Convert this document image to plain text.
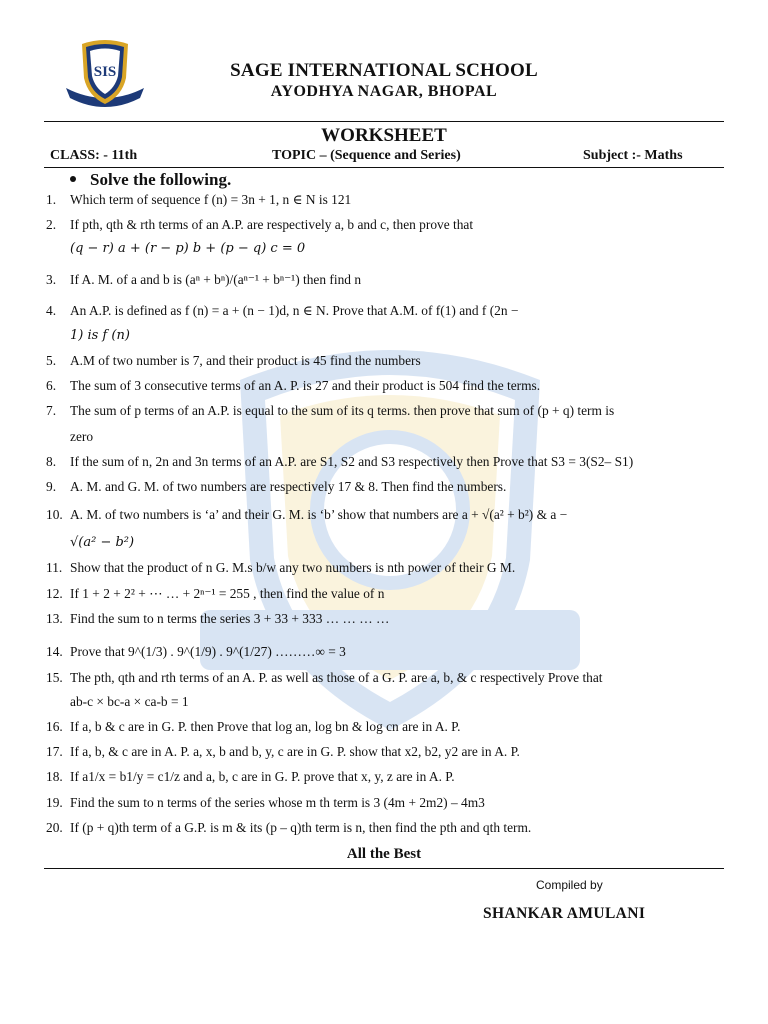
SIS	SAGE INTERNATIONAL SCHOOL
AYODHYA NAGAR, BHOPAL
WORKSHEET
CLASS: - 11th	TOPIC – (Sequence and Series)	Subject :- Maths
Solve the following.
1. Which term of sequence f (n) = 3n + 1, n ∈ N is 121
2. If pth, qth & rth terms of an A.P. are respectively a, b and c, then prove that
(q − r) a + (r − p) b + (p − q) c = 0
3. If A. M. of a and b is (aⁿ + bⁿ)/(aⁿ⁻¹ + bⁿ⁻¹) then find n
4. An A.P. is defined as f (n) = a + (n − 1)d, n ∈ N. Prove that A.M. of f(1) and f (2n −
1) is f (n)
5. A.M of two number is 7, and their product is 45 find the numbers
6. The sum of 3 consecutive terms of an A. P. is 27 and their product is 504 find the terms.
7. The sum of p terms of an A.P. is equal to the sum of its q terms. then prove that sum of (p + q) term is
zero
8. If the sum of n, 2n and 3n terms of an A.P. are S1, S2 and S3 respectively then Prove that S3 = 3(S2– S1)
9. A. M. and G. M. of two numbers are respectively 17 & 8. Then find the numbers.
10. A. M. of two numbers is ‘a’ and their G. M. is ‘b’ show that numbers are a + √(a² + b²) & a −
√(a² − b²)
11. Show that the product of n G. M.s b/w any two numbers is nth power of their G M.
12. If 1 + 2 + 2² + ⋯ … + 2ⁿ⁻¹ = 255 , then find the value of n
13. Find the sum to n terms the series 3 + 33 + 333 … … … …
14. Prove that 9^(1/3) . 9^(1/9) . 9^(1/27) ………∞ = 3
15. The pth, qth and rth terms of an A. P. as well as those of a G. P. are a, b, & c respectively Prove that
ab-c × bc-a × ca-b = 1
16. If a, b & c are in G. P. then Prove that log an, log bn & log cn are in A. P.
17. If a, b, & c are in A. P. a, x, b and b, y, c are in G. P. show that x2, b2, y2 are in A. P.
18. If a1/x = b1/y = c1/z and a, b, c are in G. P. prove that x, y, z are in A. P.
19. Find the sum to n terms of the series whose m th term is 3 (4m + 2m2) – 4m3
20. If (p + q)th term of a G.P. is m & its (p – q)th term is n, then find the pth and qth term.
All the Best
Compiled by
SHANKAR AMULANI
